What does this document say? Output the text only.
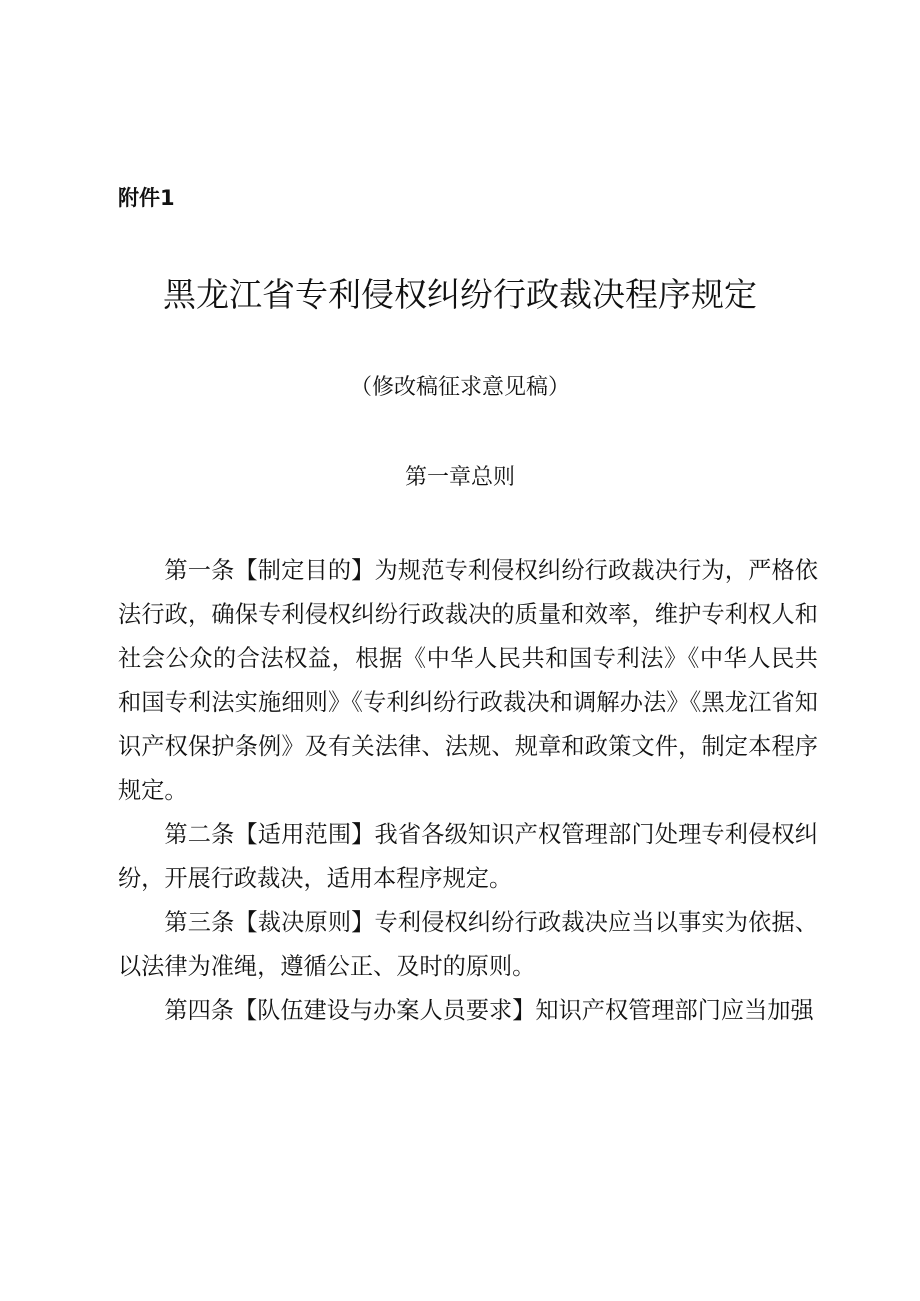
附件1
黑龙江省专利侵权纠纷行政裁决程序规定
（修改稿征求意见稿）
第一章总则

第一条【制定目的】为规范专利侵权纠纷行政裁决行为，严格依法行政，确保专利侵权纠纷行政裁决的质量和效率，维护专利权人和社会公众的合法权益，根据《中华人民共和国专利法》《中华人民共和国专利法实施细则》《专利纠纷行政裁决和调解办法》《黑龙江省知识产权保护条例》及有关法律、法规、规章和政策文件，制定本程序规定。

第二条【适用范围】我省各级知识产权管理部门处理专利侵权纠纷，开展行政裁决，适用本程序规定。

第三条【裁决原则】专利侵权纠纷行政裁决应当以事实为依据、以法律为准绳，遵循公正、及时的原则。

第四条【队伍建设与办案人员要求】知识产权管理部门应当加强
